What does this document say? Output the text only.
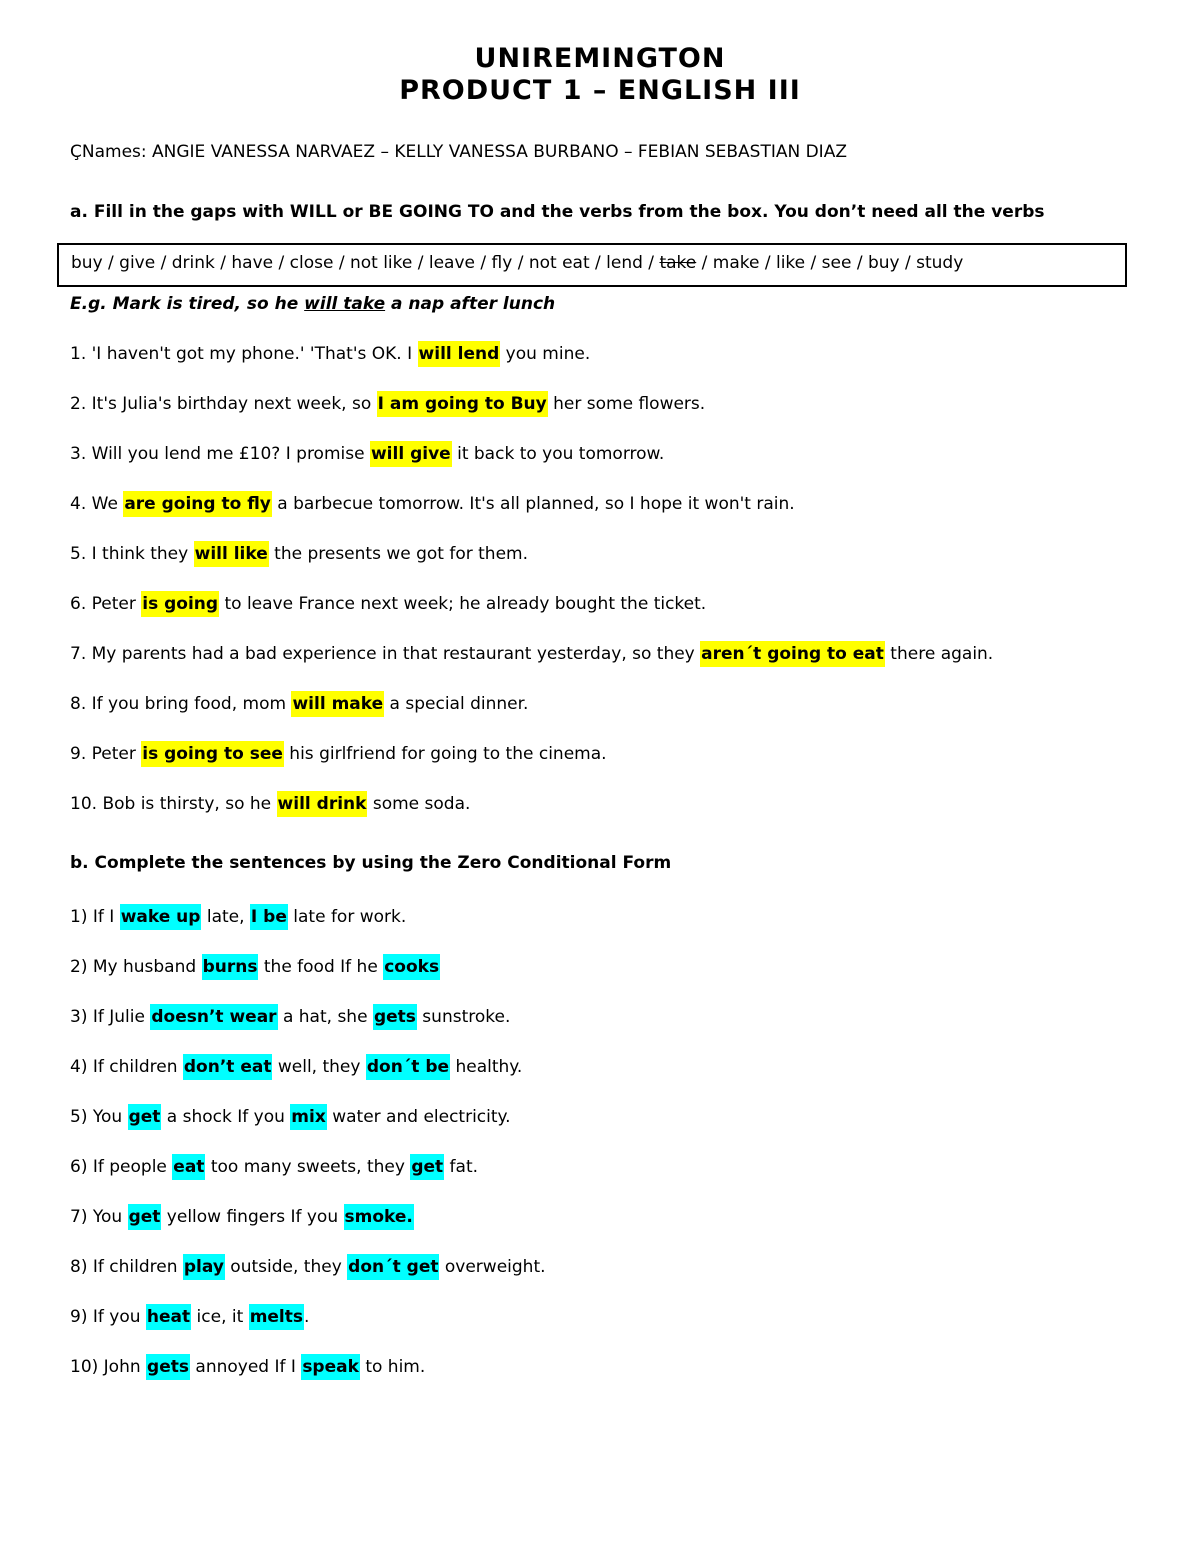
UNIREMINGTON
PRODUCT 1 – ENGLISH III

ÇNames: ANGIE VANESSA NARVAEZ – KELLY VANESSA BURBANO – FEBIAN SEBASTIAN DIAZ

a. Fill in the gaps with WILL or BE GOING TO and the verbs from the box. You don’t need all the verbs

buy / give / drink / have / close / not like / leave / fly / not eat / lend / take / make / like / see / buy / study

E.g. Mark is tired, so he will take a nap after lunch

1. 'I haven't got my phone.' 'That's OK. I will lend you mine.

2. It's Julia's birthday next week, so I am going to Buy her some flowers.

3. Will you lend me £10? I promise will give it back to you tomorrow.

4. We are going to fly a barbecue tomorrow. It's all planned, so I hope it won't rain.

5. I think they will like the presents we got for them.

6. Peter is going to leave France next week; he already bought the ticket.

7. My parents had a bad experience in that restaurant yesterday, so they aren´t going to eat there again.

8. If you bring food, mom will make a special dinner.

9. Peter is going to see his girlfriend for going to the cinema.

10. Bob is thirsty, so he will drink some soda.

b. Complete the sentences by using the Zero Conditional Form

1) If I wake up late, I be late for work.

2) My husband burns the food If he cooks

3) If Julie doesn’t wear a hat, she gets sunstroke.

4) If children don’t eat well, they don´t be healthy.

5) You get a shock If you mix water and electricity.

6) If people eat too many sweets, they get fat.

7) You get yellow fingers If you smoke.

8) If children play outside, they don´t get overweight.

9) If you heat ice, it melts.

10) John gets annoyed If I speak to him.
